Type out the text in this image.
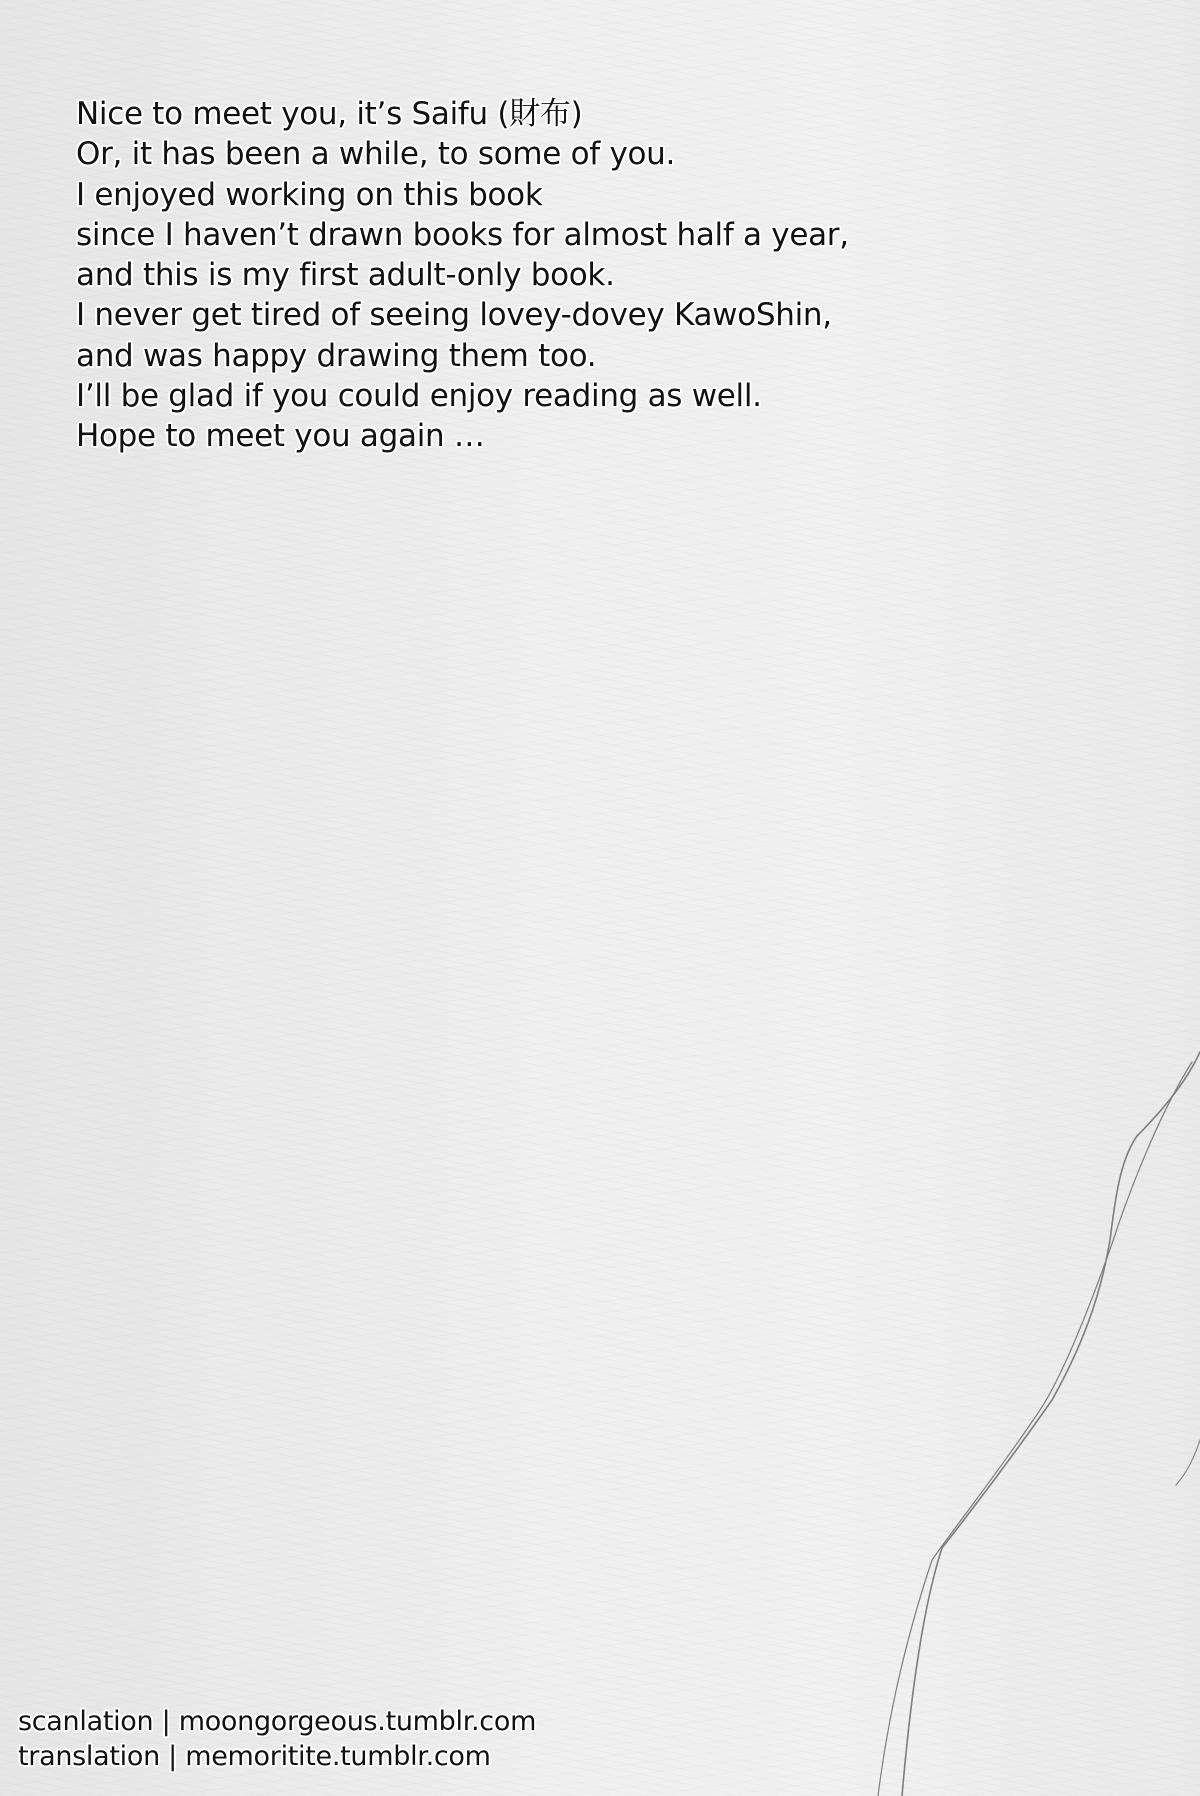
Nice to meet you, it’s Saifu (財布)
Or, it has been a while, to some of you.
I enjoyed working on this book
since I haven’t drawn books for almost half a year,
and this is my first adult-only book.
I never get tired of seeing lovey-dovey KawoShin,
and was happy drawing them too.
I’ll be glad if you could enjoy reading as well.
Hope to meet you again …
scanlation | moongorgeous.tumblr.com
translation | memoritite.tumblr.com
